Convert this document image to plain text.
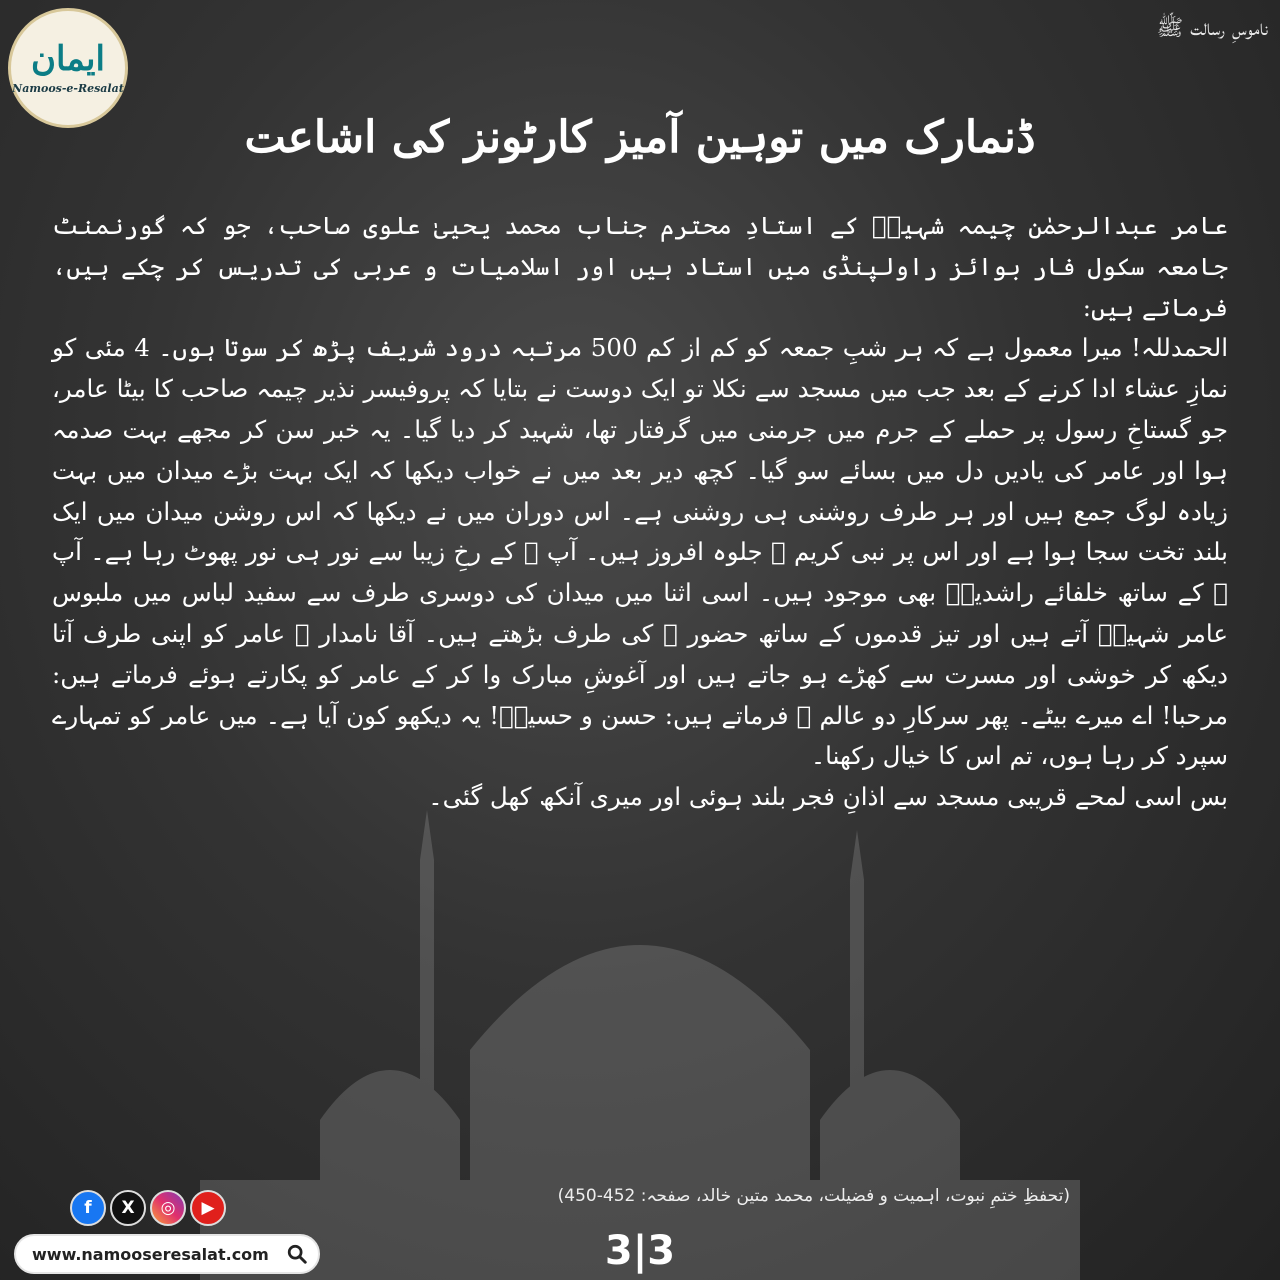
ایمان
Namoos-e-Resalat
ناموسِ رسالت ﷺ
ڈنمارک میں توہین آمیز کارٹونز کی اشاعت

عامر عبدالرحمٰن چیمہ شہیدؒ کے استادِ محترم جناب محمد یحییٰ علوی صاحب، جو کہ گورنمنٹ جامعہ سکول فار بوائز راولپنڈی میں استاد ہیں اور اسلامیات و عربی کی تدریس کر چکے ہیں، فرماتے ہیں:

الحمدللہ! میرا معمول ہے کہ ہر شبِ جمعہ کو کم از کم 500 مرتبہ درود شریف پڑھ کر سوتا ہوں۔ 4 مئی کو نمازِ عشاء ادا کرنے کے بعد جب میں مسجد سے نکلا تو ایک دوست نے بتایا کہ پروفیسر نذیر چیمہ صاحب کا بیٹا عامر، جو گستاخِ رسول پر حملے کے جرم میں جرمنی میں گرفتار تھا، شہید کر دیا گیا۔ یہ خبر سن کر مجھے بہت صدمہ ہوا اور عامر کی یادیں دل میں بسائے سو گیا۔ کچھ دیر بعد میں نے خواب دیکھا کہ ایک بہت بڑے میدان میں بہت زیادہ لوگ جمع ہیں اور ہر طرف روشنی ہی روشنی ہے۔ اس دوران میں نے دیکھا کہ اس روشن میدان میں ایک بلند تخت سجا ہوا ہے اور اس پر نبی کریم ﷺ جلوہ افروز ہیں۔ آپ ﷺ کے رخِ زیبا سے نور ہی نور پھوٹ رہا ہے۔ آپ ﷺ کے ساتھ خلفائے راشدینؓ بھی موجود ہیں۔ اسی اثنا میں میدان کی دوسری طرف سے سفید لباس میں ملبوس عامر شہیدؒ آتے ہیں اور تیز قدموں کے ساتھ حضور ﷺ کی طرف بڑھتے ہیں۔ آقا نامدار ﷺ عامر کو اپنی طرف آتا دیکھ کر خوشی اور مسرت سے کھڑے ہو جاتے ہیں اور آغوشِ مبارک وا کر کے عامر کو پکارتے ہوئے فرماتے ہیں: مرحبا! اے میرے بیٹے۔ پھر سرکارِ دو عالم ﷺ فرماتے ہیں: حسن و حسینؓ! یہ دیکھو کون آیا ہے۔ میں عامر کو تمہارے سپرد کر رہا ہوں، تم اس کا خیال رکھنا۔

بس اسی لمحے قریبی مسجد سے اذانِ فجر بلند ہوئی اور میری آنکھ کھل گئی۔

(تحفظِ ختمِ نبوت، اہمیت و فضیلت، محمد متین خالد، صفحہ: 452-450)
f	X	◎	▶
www.namooseresalat.com	3|3
